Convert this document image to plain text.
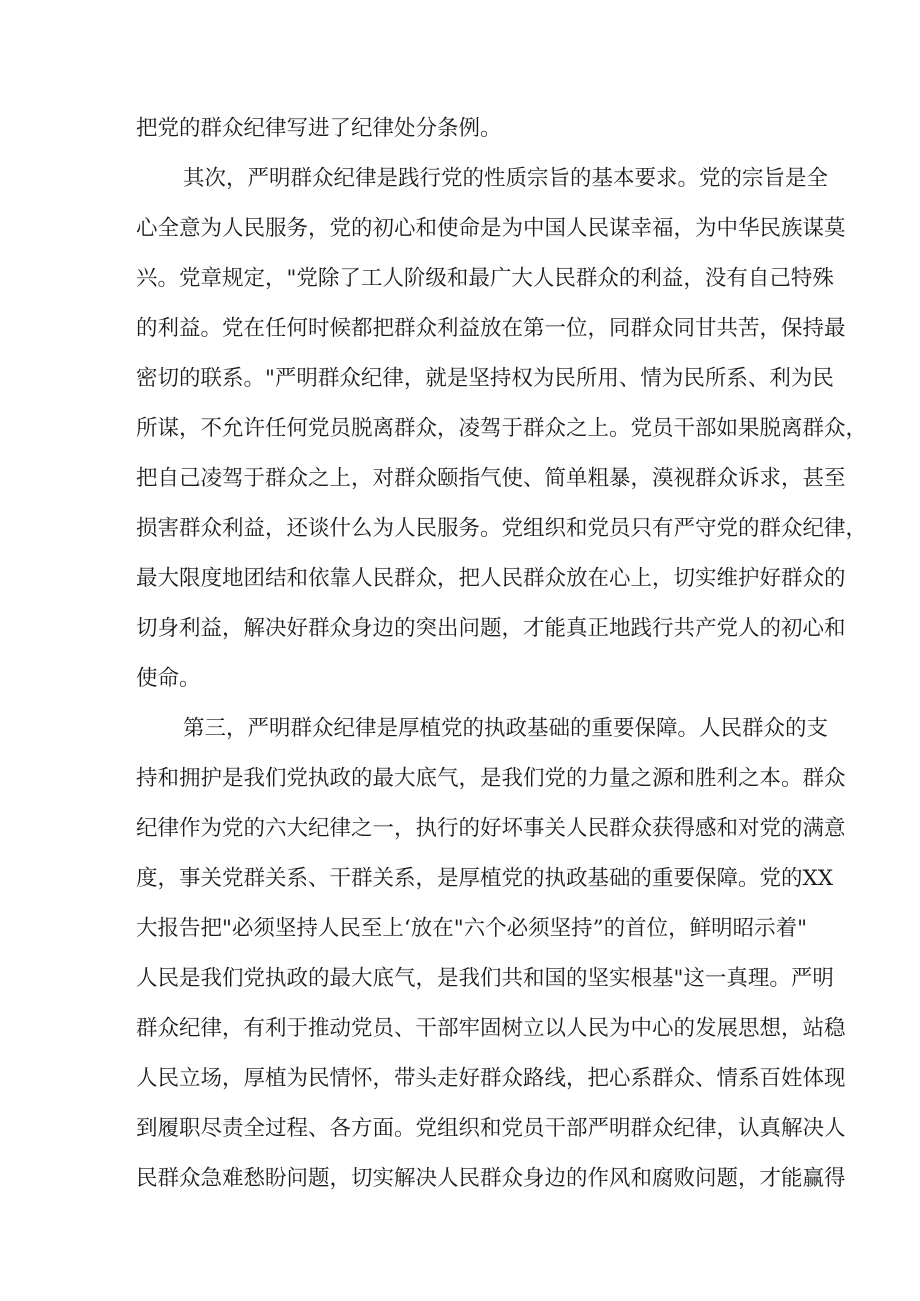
把党的群众纪律写进了纪律处分条例。
其次，严明群众纪律是践行党的性质宗旨的基本要求。党的宗旨是全
心全意为人民服务，党的初心和使命是为中国人民谋幸福，为中华民族谋莫
兴。党章规定，"党除了工人阶级和最广大人民群众的利益，没有自己特殊
的利益。党在任何时候都把群众利益放在第一位，同群众同甘共苦，保持最
密切的联系。"严明群众纪律，就是坚持权为民所用、情为民所系、利为民
所谋，不允许任何党员脱离群众，凌驾于群众之上。党员干部如果脱离群众，
把自己凌驾于群众之上，对群众颐指气使、简单粗暴，漠视群众诉求，甚至
损害群众利益，还谈什么为人民服务。党组织和党员只有严守党的群众纪律，
最大限度地团结和依靠人民群众，把人民群众放在心上，切实维护好群众的
切身利益，解决好群众身边的突出问题，才能真正地践行共产党人的初心和
使命。
第三，严明群众纪律是厚植党的执政基础的重要保障。人民群众的支
持和拥护是我们党执政的最大底气，是我们党的力量之源和胜利之本。群众
纪律作为党的六大纪律之一，执行的好坏事关人民群众获得感和对党的满意
度，事关党群关系、干群关系，是厚植党的执政基础的重要保障。党的XX
大报告把"必须坚持人民至上‘放在"六个必须坚持”的首位，鲜明昭示着"
人民是我们党执政的最大底气，是我们共和国的坚实根基"这一真理。严明
群众纪律，有利于推动党员、干部牢固树立以人民为中心的发展思想，站稳
人民立场，厚植为民情怀，带头走好群众路线，把心系群众、情系百姓体现
到履职尽责全过程、各方面。党组织和党员干部严明群众纪律，认真解决人
民群众急难愁盼问题，切实解决人民群众身边的作风和腐败问题，才能赢得
